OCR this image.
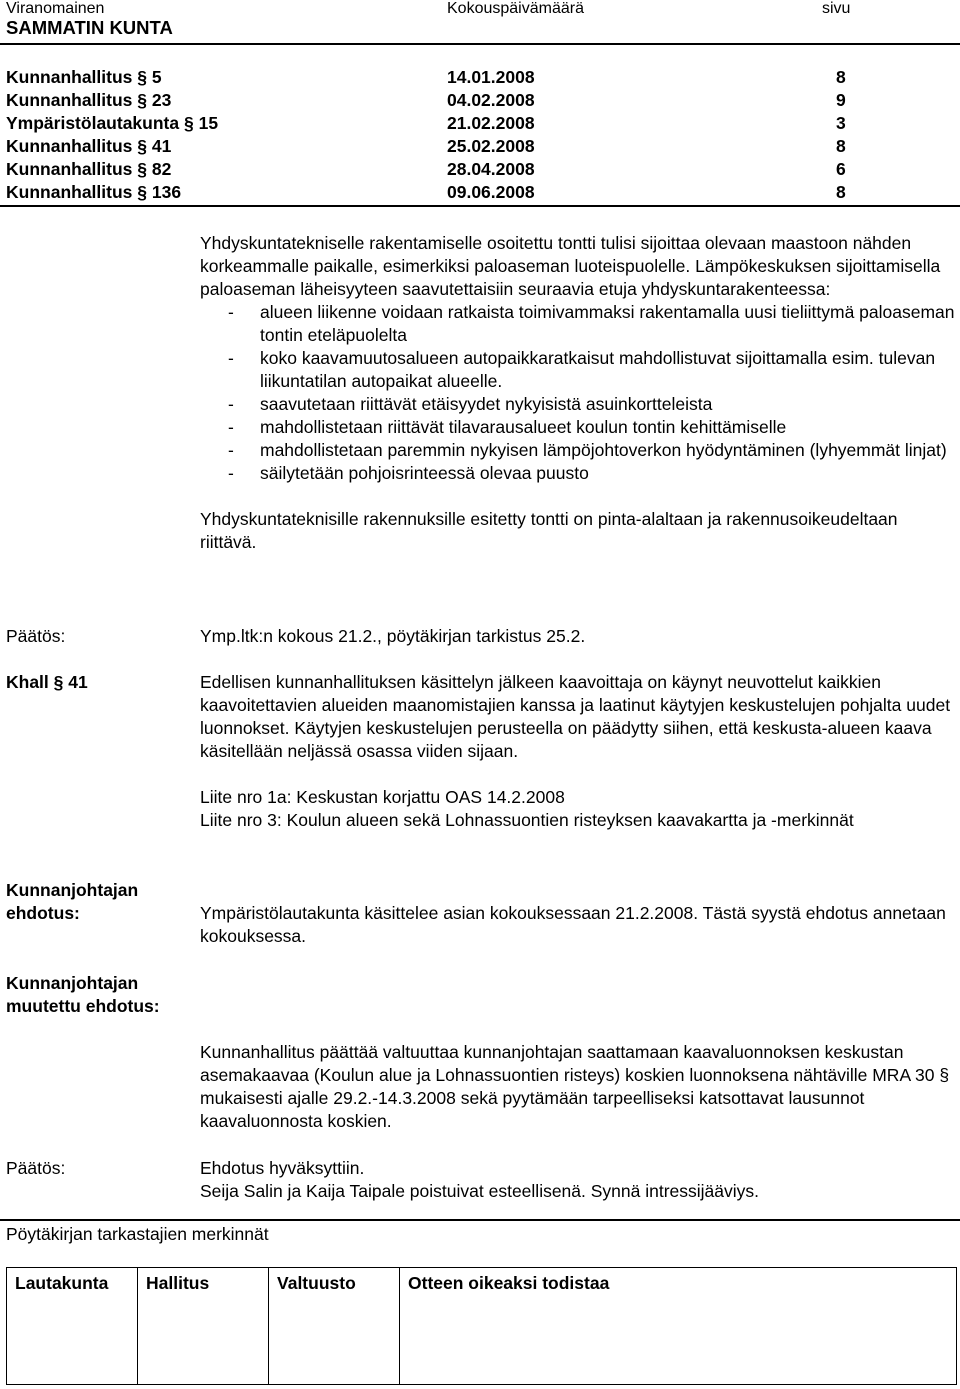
Viranomainen	Kokouspäivämäärä	sivu
SAMMATIN KUNTA
Kunnanhallitus § 5	14.01.2008	8
Kunnanhallitus § 23	04.02.2008	9
Ympäristölautakunta § 15	21.02.2008	3
Kunnanhallitus § 41	25.02.2008	8
Kunnanhallitus § 82	28.04.2008	6
Kunnanhallitus § 136	09.06.2008	8

Yhdyskuntatekniselle rakentamiselle osoitettu tontti tulisi sijoittaa olevaan maastoon nähden korkeammalle paikalle, esimerkiksi paloaseman luoteispuolelle. Lämpökeskuksen sijoittamisella paloaseman läheisyyteen saavutettaisiin seuraavia etuja yhdyskuntarakenteessa:

-	alueen liikenne voidaan ratkaista toimivammaksi rakentamalla uusi tieliittymä paloaseman tontin eteläpuolelta
-	koko kaavamuutosalueen autopaikkaratkaisut mahdollistuvat sijoittamalla esim. tulevan liikuntatilan autopaikat alueelle.
-	saavutetaan riittävät etäisyydet nykyisistä asuinkortteleista
-	mahdollistetaan riittävät tilavarausalueet koulun tontin kehittämiselle
-	mahdollistetaan paremmin nykyisen lämpöjohtoverkon hyödyntäminen (lyhyemmät linjat)
-	säilytetään pohjoisrinteessä olevaa puusto

Yhdyskuntateknisille rakennuksille esitetty tontti on pinta-alaltaan ja rakennusoikeudeltaan riittävä.

Päätös:	Ymp.ltk:n kokous 21.2., pöytäkirjan tarkistus 25.2.
Khall § 41	Edellisen kunnanhallituksen käsittelyn jälkeen kaavoittaja on käynyt neuvottelut kaikkien kaavoitettavien alueiden maanomistajien kanssa ja laatinut käytyjen keskustelujen pohjalta uudet luonnokset. Käytyjen keskustelujen perusteella on päädytty siihen, että keskusta-alueen kaava käsitellään neljässä osassa viiden sijaan.

Liite nro 1a: Keskustan korjattu OAS 14.2.2008

Liite nro 3: Koulun alueen sekä Lohnassuontien risteyksen kaavakartta ja -merkinnät

Kunnanjohtajan
ehdotus:	Ympäristölautakunta käsittelee asian kokouksessaan 21.2.2008. Tästä syystä ehdotus annetaan kokouksessa.
Kunnanjohtajan
muutettu ehdotus:
Kunnanhallitus päättää valtuuttaa kunnanjohtajan saattamaan kaavaluonnoksen keskustan asemakaavaa (Koulun alue ja Lohnassuontien risteys) koskien luonnoksena nähtäville MRA 30 § mukaisesti ajalle 29.2.-14.3.2008 sekä pyytämään tarpeelliseksi katsottavat lausunnot kaavaluonnosta koskien.
Päätös:	Ehdotus hyväksyttiin.
Seija Salin ja Kaija Taipale poistuivat esteellisenä. Synnä intressijääviys.
Pöytäkirjan tarkastajien merkinnät
Lautakunta	Hallitus	Valtuusto	Otteen oikeaksi todistaa
